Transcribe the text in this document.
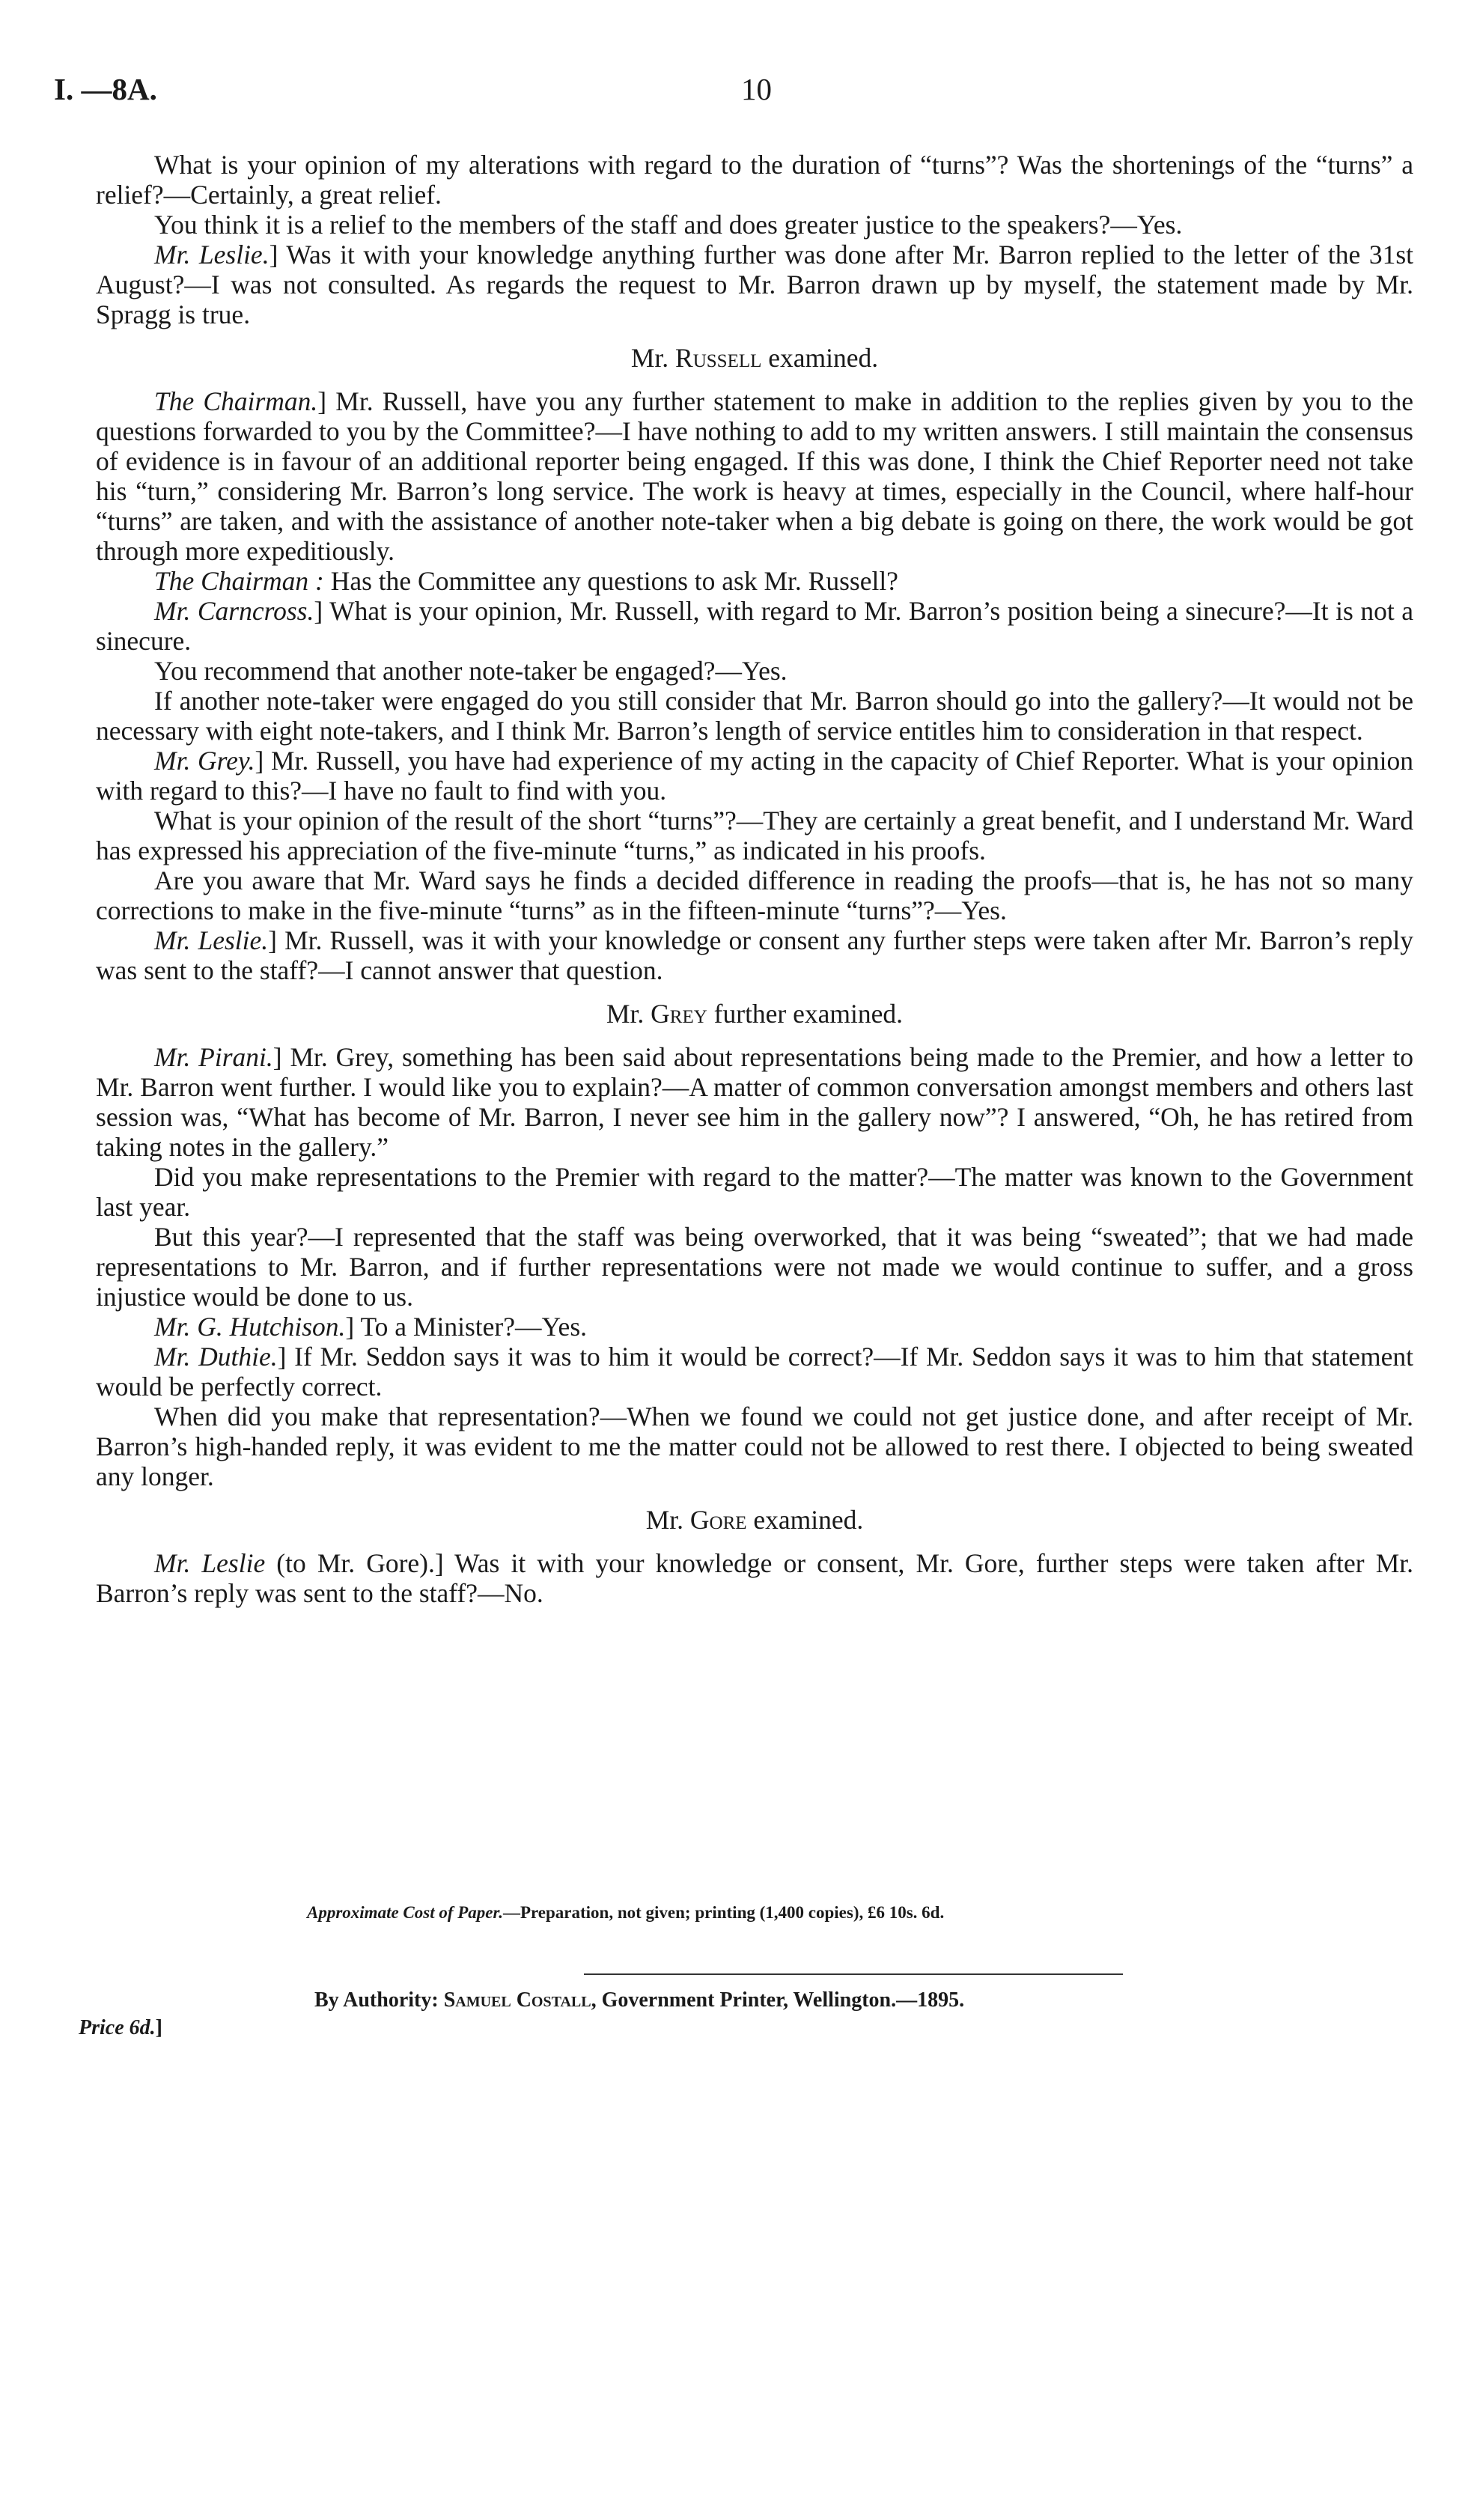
I. —8A.	10

What is your opinion of my alterations with regard to the duration of “turns”? Was the shortenings of the “turns” a relief?—Certainly, a great relief.

You think it is a relief to the members of the staff and does greater justice to the speakers?—Yes.

Mr. Leslie.] Was it with your knowledge anything further was done after Mr. Barron replied to the letter of the 31st August?—I was not consulted. As regards the request to Mr. Barron drawn up by myself, the statement made by Mr. Spragg is true.

Mr. Russell examined.

The Chairman.] Mr. Russell, have you any further statement to make in addition to the replies given by you to the questions forwarded to you by the Committee?—I have nothing to add to my written answers. I still maintain the consensus of evidence is in favour of an additional reporter being engaged. If this was done, I think the Chief Reporter need not take his “turn,” considering Mr. Barron’s long service. The work is heavy at times, especially in the Council, where half-hour “turns” are taken, and with the assistance of another note-taker when a big debate is going on there, the work would be got through more expeditiously.

The Chairman : Has the Committee any questions to ask Mr. Russell?

Mr. Carncross.] What is your opinion, Mr. Russell, with regard to Mr. Barron’s position being a sinecure?—It is not a sinecure.

You recommend that another note-taker be engaged?—Yes.

If another note-taker were engaged do you still consider that Mr. Barron should go into the gallery?—It would not be necessary with eight note-takers, and I think Mr. Barron’s length of service entitles him to consideration in that respect.

Mr. Grey.] Mr. Russell, you have had experience of my acting in the capacity of Chief Reporter. What is your opinion with regard to this?—I have no fault to find with you.

What is your opinion of the result of the short “turns”?—They are certainly a great benefit, and I understand Mr. Ward has expressed his appreciation of the five-minute “turns,” as indicated in his proofs.

Are you aware that Mr. Ward says he finds a decided difference in reading the proofs—that is, he has not so many corrections to make in the five-minute “turns” as in the fifteen-minute “turns”?—Yes.

Mr. Leslie.] Mr. Russell, was it with your knowledge or consent any further steps were taken after Mr. Barron’s reply was sent to the staff?—I cannot answer that question.

Mr. Grey further examined.

Mr. Pirani.] Mr. Grey, something has been said about representations being made to the Premier, and how a letter to Mr. Barron went further. I would like you to explain?—A matter of common conversation amongst members and others last session was, “What has become of Mr. Barron, I never see him in the gallery now”? I answered, “Oh, he has retired from taking notes in the gallery.”

Did you make representations to the Premier with regard to the matter?—The matter was known to the Government last year.

But this year?—I represented that the staff was being overworked, that it was being “sweated”; that we had made representations to Mr. Barron, and if further representations were not made we would continue to suffer, and a gross injustice would be done to us.

Mr. G. Hutchison.] To a Minister?—Yes.

Mr. Duthie.] If Mr. Seddon says it was to him it would be correct?—If Mr. Seddon says it was to him that statement would be perfectly correct.

When did you make that representation?—When we found we could not get justice done, and after receipt of Mr. Barron’s high-handed reply, it was evident to me the matter could not be allowed to rest there. I objected to being sweated any longer.

Mr. Gore examined.

Mr. Leslie (to Mr. Gore).] Was it with your knowledge or consent, Mr. Gore, further steps were taken after Mr. Barron’s reply was sent to the staff?—No.

Approximate Cost of Paper.—Preparation, not given; printing (1,400 copies), £6 10s. 6d.
By Authority: Samuel Costall, Government Printer, Wellington.—1895.
Price 6d.]
